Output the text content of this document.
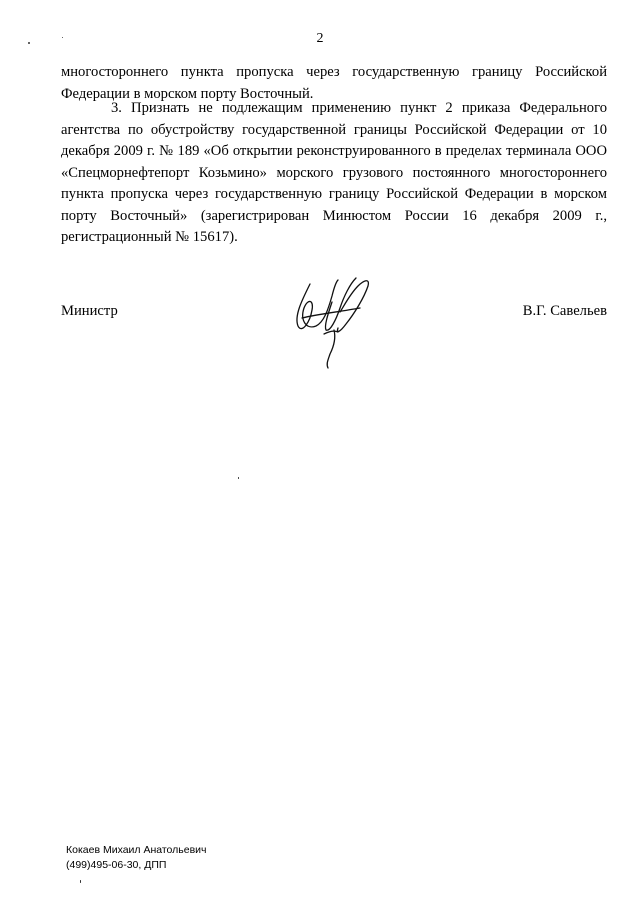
2
многостороннего пункта пропуска через государственную границу Российской Федерации в морском порту Восточный.
3. Признать не подлежащим применению пункт 2 приказа Федерального агентства по обустройству государственной границы Российской Федерации от 10 декабря 2009 г. № 189 «Об открытии реконструированного в пределах терминала ООО «Спецморнефтепорт Козьмино» морского грузового постоянного многостороннего пункта пропуска через государственную границу Российской Федерации в морском порту Восточный» (зарегистрирован Минюстом России 16 декабря 2009 г., регистрационный № 15617).
Министр	В.Г. Савельев
Кокаев Михаил Анатольевич
(499)495-06-30, ДПП
